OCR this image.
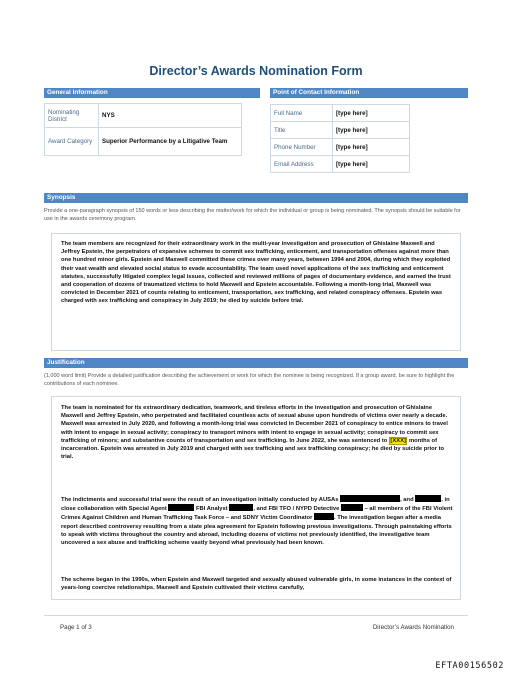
Director’s Awards Nomination Form
General Information
Nominating District	NYS
Award Category	Superior Performance by a Litigative Team
Point of Contact Information
Full Name	[type here]
Title	[type here]
Phone Number	[type here]
Email Address	[type here]
Synopsis
Provide a one-paragraph synopsis of 150 words or less describing the matter/work for which the individual or group is being nominated. The synopsis should be suitable for use in the awards ceremony program.
The team members are recognized for their extraordinary work in the multi-year investigation and prosecution of Ghislaine Maxwell and Jeffrey Epstein, the perpetrators of expansive schemes to commit sex trafficking, enticement, and transportation offenses against more than one hundred minor girls. Epstein and Maxwell committed these crimes over many years, between 1994 and 2004, during which they exploited their vast wealth and elevated social status to evade accountability. The team used novel applications of the sex trafficking and enticement statutes, successfully litigated complex legal issues, collected and reviewed millions of pages of documentary evidence, and earned the trust and cooperation of dozens of traumatized victims to hold Maxwell and Epstein accountable. Following a month-long trial, Maxwell was convicted in December 2021 of counts relating to enticement, transportation, sex trafficking, and related conspiracy offenses. Epstein was charged with sex trafficking and conspiracy in July 2019; he died by suicide before trial.
Justification
(1,000 word limit) Provide a detailed justification describing the achievement or work for which the nominee is being recognized. If a group award, be sure to highlight the contributions of each nominee.
The team is nominated for its extraordinary dedication, teamwork, and tireless efforts in the investigation and prosecution of Ghislaine Maxwell and Jeffrey Epstein, who perpetrated and facilitated countless acts of sexual abuse upon hundreds of victims over nearly a decade. Maxwell was arrested in July 2020, and following a month-long trial was convicted in December 2021 of conspiracy to entice minors to travel with intent to engage in sexual activity; conspiracy to transport minors with intent to engage in sexual activity; conspiracy to commit sex trafficking of minors; and substantive counts of transportation and sex trafficking. In June 2022, she was sentenced to [XXX] months of incarceration. Epstein was arrested in July 2019 and charged with sex trafficking and sex trafficking conspiracy; he died by suicide prior to trial.
The indictments and successful trial were the result of an investigation initially conducted by AUSAs	, and	, in close collaboration with Special Agent	FBI Analyst	, and FBI TFO / NYPD Detective	– all members of the FBI Violent Crimes Against Children and Human Trafficking Task Force – and SDNY Victim Coordinator	. The investigation began after a media report described controversy resulting from a state plea agreement for Epstein following previous investigations. Through painstaking efforts to speak with victims throughout the country and abroad, including dozens of victims not previously identified, the investigative team uncovered a sex abuse and trafficking scheme vastly beyond what previously had been known.
The scheme began in the 1990s, when Epstein and Maxwell targeted and sexually abused vulnerable girls, in some instances in the context of years-long coercive relationships. Maxwell and Epstein cultivated their victims carefully,
Page 1 of 3	Director’s Awards Nomination
EFTA00156502
